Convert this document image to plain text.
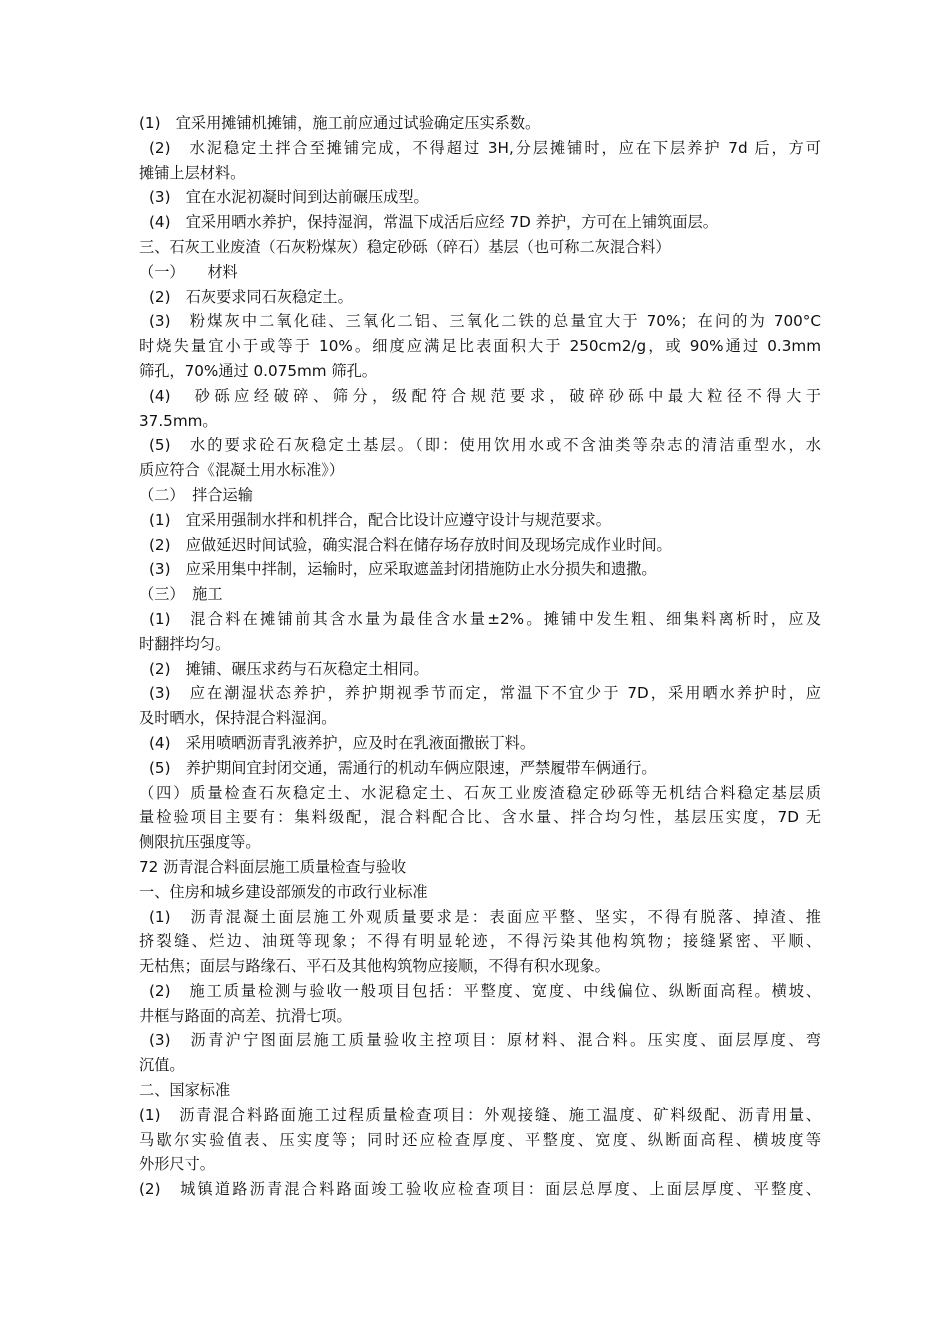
(1)　宜采用摊铺机摊铺，施工前应通过试验确定压实系数。
(2)　水泥稳定土拌合至摊铺完成，不得超过 3H,分层摊铺时，应在下层养护 7d 后，方可
摊铺上层材料。
(3)　宜在水泥初凝时间到达前碾压成型。
(4)　宜采用晒水养护，保持湿润，常温下成活后应经 7D 养护，方可在上铺筑面层。
三、石灰工业废渣（石灰粉煤灰）稳定砂砾（碎石）基层（也可称二灰混合料）
（一）　　材料
(2)　石灰要求同石灰稳定土。
(3)　粉煤灰中二氧化硅、三氧化二铝、三氧化二铁的总量宜大于 70%；在问的为 700°C
时烧失量宜小于或等于 10%。细度应满足比表面积大于 250cm2/g，或 90%通过 0.3mm
筛孔，70%通过 0.075mm 筛孔。
(4)　砂砾应经破碎、筛分，级配符合规范要求，破碎砂砾中最大粒径不得大于
37.5mm。
(5)　水的要求砼石灰稳定土基层。（即：使用饮用水或不含油类等杂志的清洁重型水，水
质应符合《混凝土用水标准》）
（二）　拌合运输
(1)　宜采用强制水拌和机拌合，配合比设计应遵守设计与规范要求。
(2)　应做延迟时间试验，确实混合料在储存场存放时间及现场完成作业时间。
(3)　应采用集中拌制，运输时，应采取遮盖封闭措施防止水分损失和遗撒。
（三）　施工
(1)　混合料在摊铺前其含水量为最佳含水量±2%。摊铺中发生粗、细集料离析时，应及
时翻拌均匀。
(2)　摊铺、碾压求药与石灰稳定土相同。
(3)　应在潮湿状态养护，养护期视季节而定，常温下不宜少于 7D，采用晒水养护时，应
及时晒水，保持混合料湿润。
(4)　采用喷晒沥青乳液养护，应及时在乳液面撒嵌丁料。
(5)　养护期间宜封闭交通，需通行的机动车俩应限速，严禁履带车俩通行。
（四）质量检查石灰稳定土、水泥稳定土、石灰工业废渣稳定砂砾等无机结合料稳定基层质
量检验项目主要有：集料级配，混合料配合比、含水量、拌合均匀性，基层压实度，7D 无
侧限抗压强度等。
72 沥青混合料面层施工质量检查与验收
一、住房和城乡建设部颁发的市政行业标准
(1)　沥青混凝土面层施工外观质量要求是：表面应平整、坚实，不得有脱落、掉渣、推
挤裂缝、烂边、油斑等现象；不得有明显轮迹，不得污染其他构筑物；接缝紧密、平顺、
无枯焦；面层与路缘石、平石及其他构筑物应接顺，不得有积水现象。
(2)　施工质量检测与验收一般项目包括：平整度、宽度、中线偏位、纵断面高程。横坡、
井框与路面的高差、抗滑七项。
(3)　沥青沪宁图面层施工质量验收主控项目：原材料、混合料。压实度、面层厚度、弯
沉值。
二、国家标准
(1)　沥青混合料路面施工过程质量检查项目：外观接缝、施工温度、矿料级配、沥青用量、
马歇尔实验值表、压实度等；同时还应检查厚度、平整度、宽度、纵断面高程、横坡度等
外形尺寸。
(2)　城镇道路沥青混合料路面竣工验收应检查项目：面层总厚度、上面层厚度、平整度、
